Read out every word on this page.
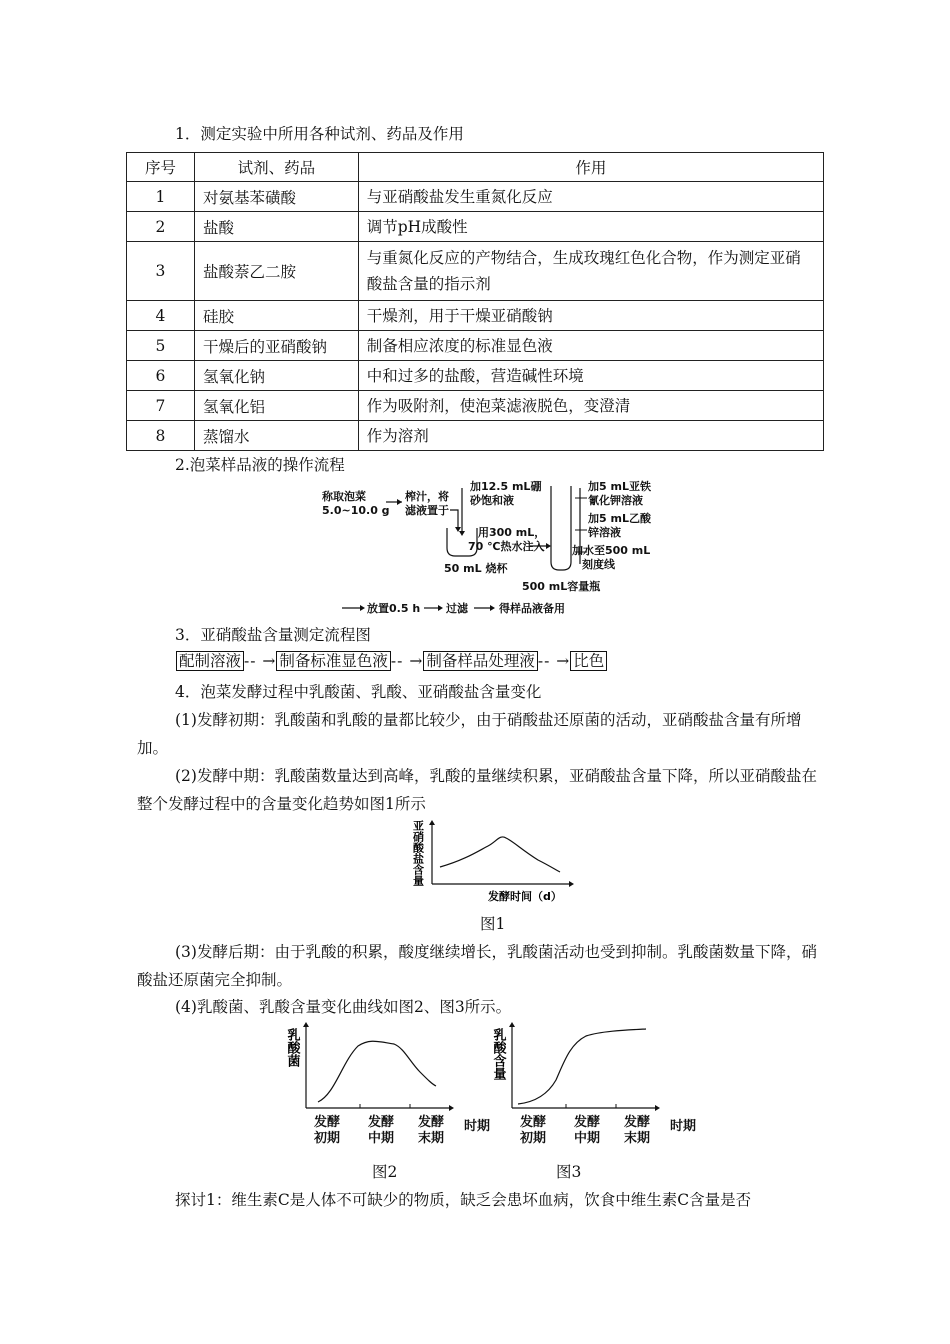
1．测定实验中所用各种试剂、药品及作用
序号	试剂、药品	作用
1	对氨基苯磺酸	与亚硝酸盐发生重氮化反应
2	盐酸	调节pH成酸性
3	盐酸萘乙二胺	与重氮化反应的产物结合，生成玫瑰红色化合物，作为测定亚硝酸盐含量的指示剂
4	硅胶	干燥剂，用于干燥亚硝酸钠
5	干燥后的亚硝酸钠	制备相应浓度的标准显色液
6	氢氧化钠	中和过多的盐酸，营造碱性环境
7	氢氧化铝	作为吸附剂，使泡菜滤液脱色，变澄清
8	蒸馏水	作为溶剂
2.泡菜样品液的操作流程
称取泡菜
5.0~10.0 g
榨汁，将
滤液置于
加12.5 mL硼
砂饱和液
用300 mL，
70 ℃热水注入
50 mL 烧杯
加5 mL亚铁
氰化钾溶液
加5 mL乙酸
锌溶液
加水至500 mL
刻度线
500 mL容量瓶
放置0.5 h 过滤	得样品液备用
3．亚硝酸盐含量测定流程图
配制溶液 -- → 制备标准显色液 -- → 制备样品处理液 -- → 比色
4．泡菜发酵过程中乳酸菌、乳酸、亚硝酸盐含量变化
(1)发酵初期：乳酸菌和乳酸的量都比较少，由于硝酸盐还原菌的活动，亚硝酸盐含量有所增加。
(2)发酵中期：乳酸菌数量达到高峰，乳酸的量继续积累，亚硝酸盐含量下降，所以亚硝酸盐在整个发酵过程中的含量变化趋势如图1所示
亚硝酸盐含量
发酵时间（d）
图1
(3)发酵后期：由于乳酸的积累，酸度继续增长，乳酸菌活动也受到抑制。乳酸菌数量下降，硝酸盐还原菌完全抑制。
(4)乳酸菌、乳酸含量变化曲线如图2、图3所示。
乳酸菌
发酵
初期
发酵
中期
发酵
末期
时期
图2
乳酸含量
发酵
初期
发酵
中期
发酵
末期
时期
图3
探讨1：维生素C是人体不可缺少的物质，缺乏会患坏血病，饮食中维生素C含量是否
